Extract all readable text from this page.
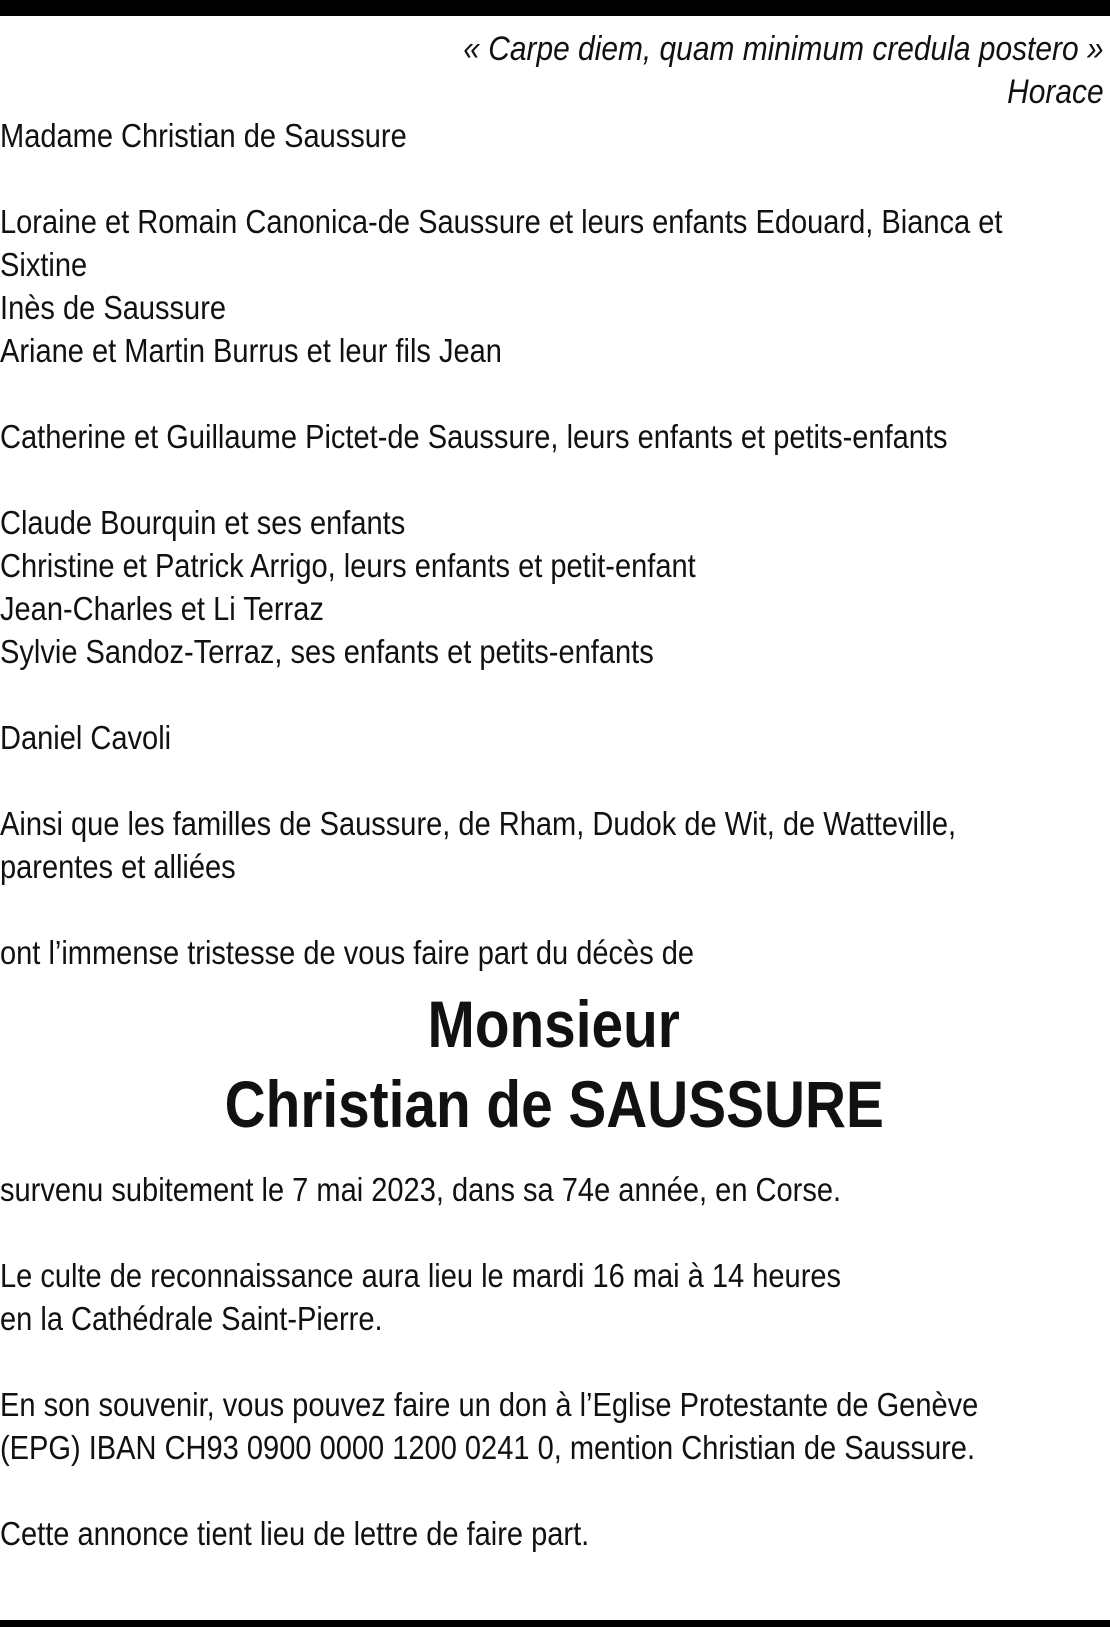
« Carpe diem, quam minimum credula postero »
Horace
Madame Christian de Saussure
Loraine et Romain Canonica-de Saussure et leurs enfants Edouard, Bianca et
Sixtine
Inès de Saussure
Ariane et Martin Burrus et leur fils Jean
Catherine et Guillaume Pictet-de Saussure, leurs enfants et petits-enfants
Claude Bourquin et ses enfants
Christine et Patrick Arrigo, leurs enfants et petit-enfant
Jean-Charles et Li Terraz
Sylvie Sandoz-Terraz, ses enfants et petits-enfants
Daniel Cavoli
Ainsi que les familles de Saussure, de Rham, Dudok de Wit, de Watteville,
parentes et alliées
ont l’immense tristesse de vous faire part du décès de
Monsieur
Christian de SAUSSURE
survenu subitement le 7 mai 2023, dans sa 74e année, en Corse.
Le culte de reconnaissance aura lieu le mardi 16 mai à 14 heures
en la Cathédrale Saint-Pierre.
En son souvenir, vous pouvez faire un don à l’Eglise Protestante de Genève
(EPG) IBAN CH93 0900 0000 1200 0241 0, mention Christian de Saussure.
Cette annonce tient lieu de lettre de faire part.
